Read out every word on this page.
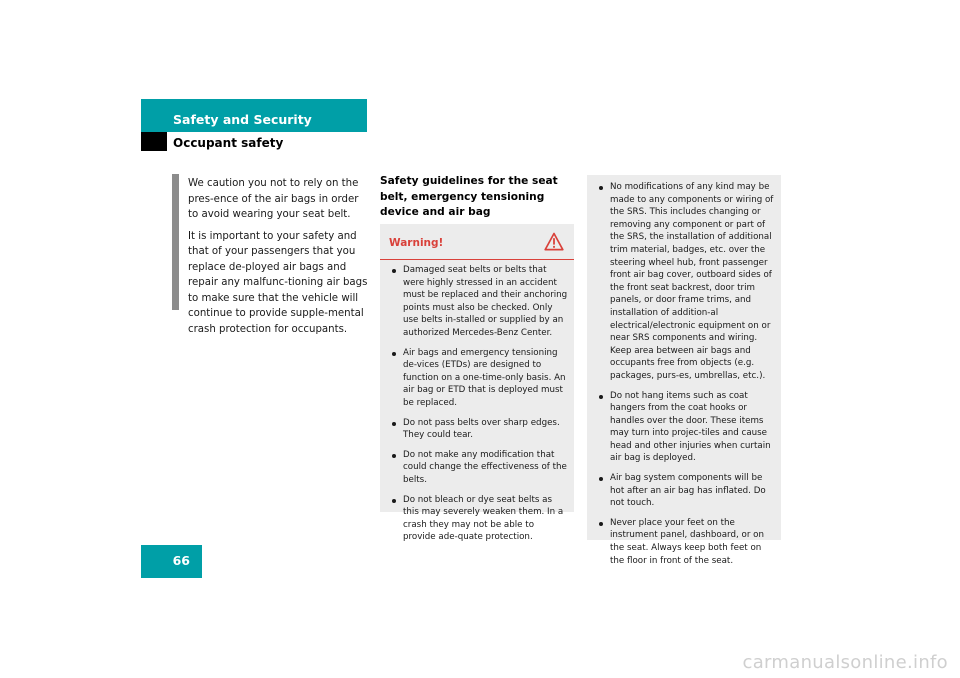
Safety and Security
Occupant safety

We caution you not to rely on the pres-ence of the air bags in order to avoid wearing your seat belt.

It is important to your safety and that of your passengers that you replace de-ployed air bags and repair any malfunc-tioning air bags to make sure that the vehicle will continue to provide supple-mental crash protection for occupants.

Safety guidelines for the seat belt, emergency tensioning device and air bag
Warning!
Damaged seat belts or belts that were highly stressed in an accident must be replaced and their anchoring points must also be checked. Only use belts in-stalled or supplied by an authorized Mercedes-Benz Center.
Air bags and emergency tensioning de-vices (ETDs) are designed to function on a one-time-only basis. An air bag or ETD that is deployed must be replaced.
Do not pass belts over sharp edges. They could tear.
Do not make any modification that could change the effectiveness of the belts.
Do not bleach or dye seat belts as this may severely weaken them. In a crash they may not be able to provide ade-quate protection.
No modifications of any kind may be made to any components or wiring of the SRS. This includes changing or removing any component or part of the SRS, the installation of additional trim material, badges, etc. over the steering wheel hub, front passenger front air bag cover, outboard sides of the front seat backrest, door trim panels, or door frame trims, and installation of addition-al electrical/electronic equipment on or near SRS components and wiring. Keep area between air bags and occupants free from objects (e.g. packages, purs-es, umbrellas, etc.).
Do not hang items such as coat hangers from the coat hooks or handles over the door. These items may turn into projec-tiles and cause head and other injuries when curtain air bag is deployed.
Air bag system components will be hot after an air bag has inflated. Do not touch.
Never place your feet on the instrument panel, dashboard, or on the seat. Always keep both feet on the floor in front of the seat.
66
carmanualsonline.info
